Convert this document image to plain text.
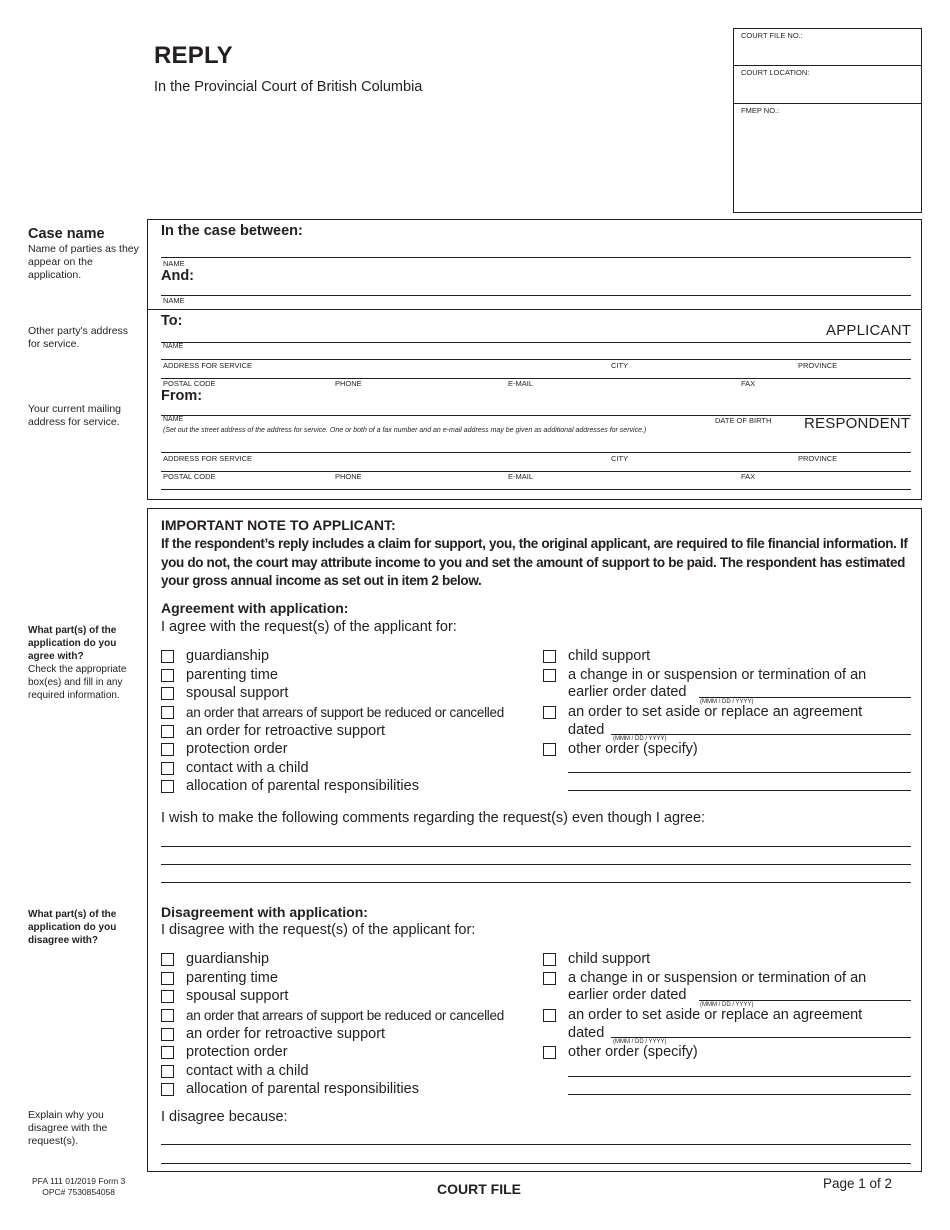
REPLY
In the Provincial Court of British Columbia
COURT FILE NO.:
COURT LOCATION:
FMEP NO.:
Case name
Name of parties as they appear on the application.
Other party's address for service.
Your current mailing address for service.
What part(s) of the application do you agree with?
Check the appropriate box(es) and fill in any required information.
What part(s) of the application do you disagree with?
Explain why you disagree with the request(s).
In the case between:
NAME
And:
NAME
To:
APPLICANT
NAME
ADDRESS FOR SERVICE	CITY	PROVINCE
POSTAL CODE	PHONE	E-MAIL	FAX
From:
NAME	DATE OF BIRTH RESPONDENT
(Set out the street address of the address for service. One or both of a fax number and an e-mail address may be given as additional addresses for service.)
ADDRESS FOR SERVICE	CITY	PROVINCE
POSTAL CODE	PHONE	E-MAIL	FAX
IMPORTANT NOTE TO APPLICANT:
If the respondent’s reply includes a claim for support, you, the original applicant, are required to file financial information. If you do not, the court may attribute income to you and set the amount of support to be paid. The respondent has estimated your gross annual income as set out in item 2 below.
Agreement with application:
I agree with the request(s) of the applicant for:
guardianship
parenting time
spousal support
an order that arrears of support be reduced or cancelled
an order for retroactive support
protection order
contact with a child
allocation of parental responsibilities
child support
a change in or suspension or termination of an
earlier order dated
(MMM / DD / YYYY)
an order to set aside or replace an agreement
dated
(MMM / DD / YYYY)
other order (specify)
I wish to make the following comments regarding the request(s) even though I agree:
Disagreement with application:
I disagree with the request(s) of the applicant for:
guardianship
parenting time
spousal support
an order that arrears of support be reduced or cancelled
an order for retroactive support
protection order
contact with a child
allocation of parental responsibilities
child support
a change in or suspension or termination of an
earlier order dated
(MMM / DD / YYYY)
an order to set aside or replace an agreement
dated
(MMM / DD / YYYY)
other order (specify)
I disagree because:
PFA 111 01/2019 Form 3
OPC# 7530854058	COURT FILE	Page 1 of 2
